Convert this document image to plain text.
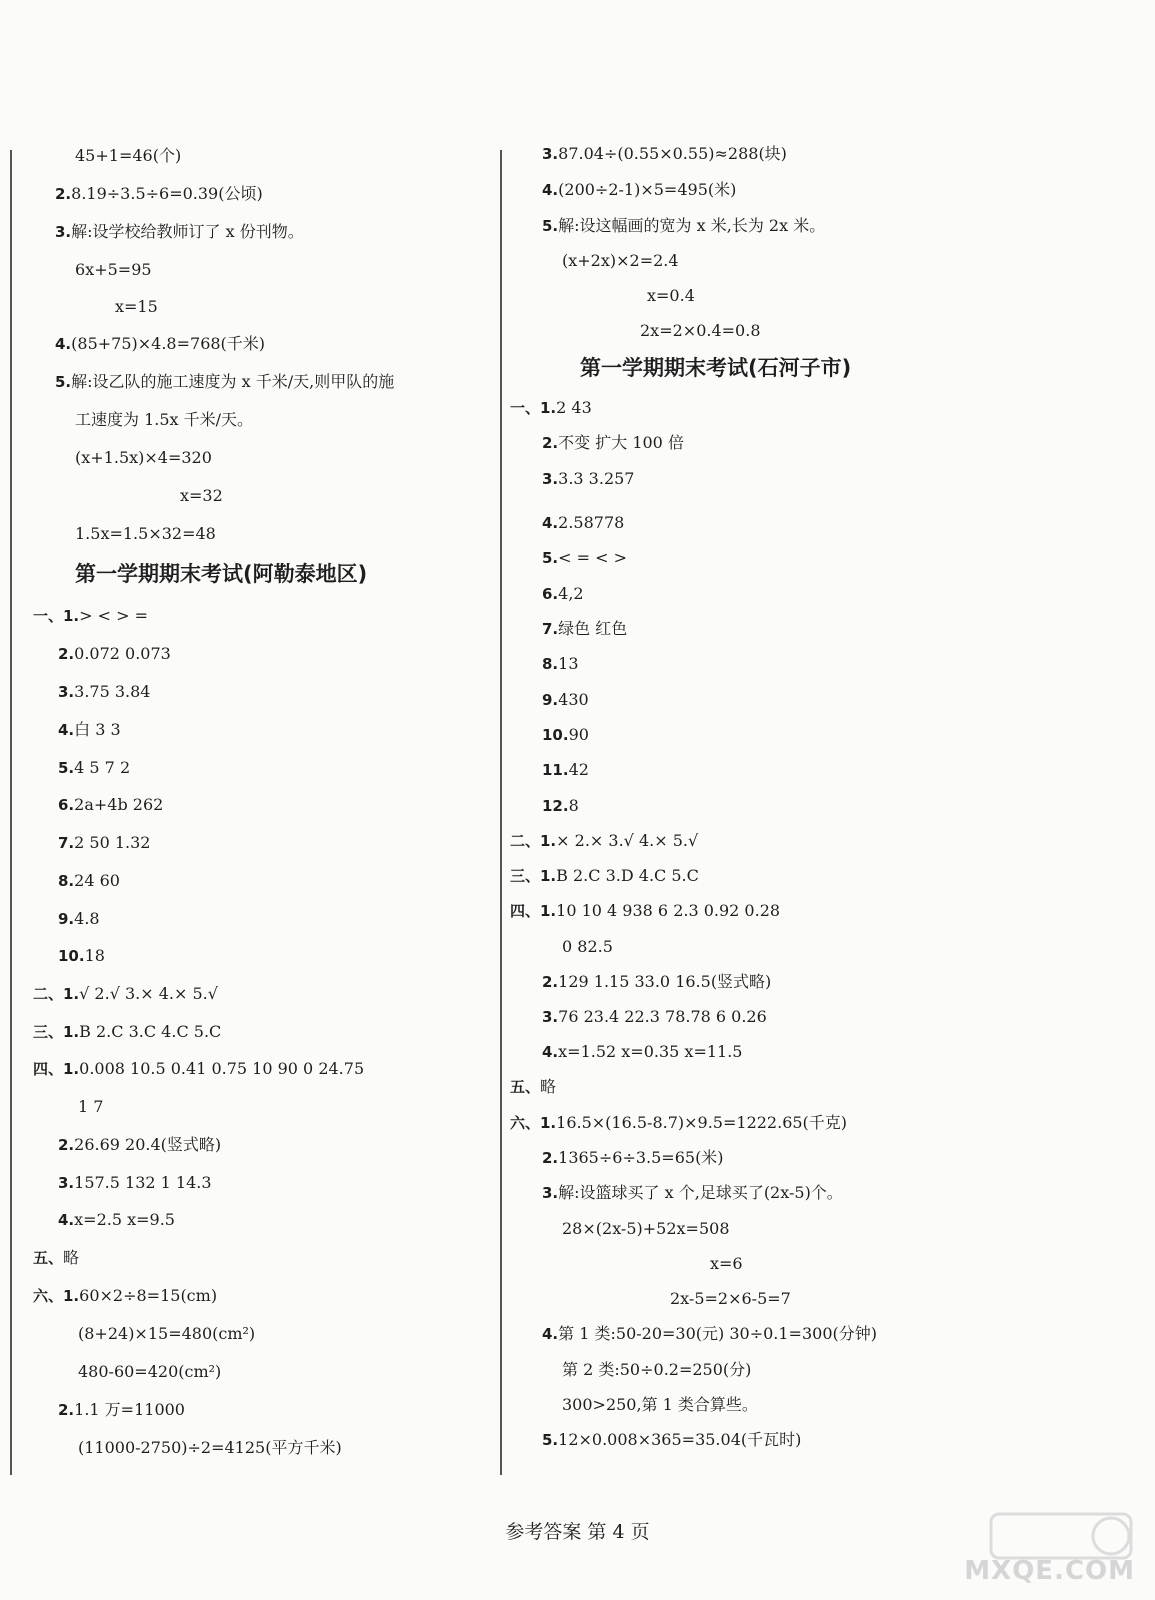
45+1=46(个)
2.8.19÷3.5÷6=0.39(公顷)
3.解:设学校给教师订了 x 份刊物。
6x+5=95
x=15
4.(85+75)×4.8=768(千米)
5.解:设乙队的施工速度为 x 千米/天,则甲队的施
工速度为 1.5x 千米/天。
(x+1.5x)×4=320
x=32
1.5x=1.5×32=48
第一学期期末考试(阿勒泰地区)
一、1.> < > =
2.0.072 0.073
3.3.75 3.84
4.白 3 3
5.4 5 7 2
6.2a+4b 262
7.2 50 1.32
8.24 60
9.4.8
10.18
二、1.√ 2.√ 3.× 4.× 5.√
三、1.B 2.C 3.C 4.C 5.C
四、1.0.008 10.5 0.41 0.75 10 90 0 24.75
1 7
2.26.69 20.4(竖式略)
3.157.5 132 1 14.3
4.x=2.5 x=9.5
五、略
六、1.60×2÷8=15(cm)
(8+24)×15=480(cm²)
480-60=420(cm²)
2.1.1 万=11000
(11000-2750)÷2=4125(平方千米)
3.87.04÷(0.55×0.55)≈288(块)
4.(200÷2-1)×5=495(米)
5.解:设这幅画的宽为 x 米,长为 2x 米。
(x+2x)×2=2.4
x=0.4
2x=2×0.4=0.8
第一学期期末考试(石河子市)
一、1.2 43
2.不变 扩大 100 倍
3.3.3 3.257
4.2.58778
5.< = < >
6.4,2
7.绿色 红色
8.13
9.430
10.90
11.42
12.8
二、1.× 2.× 3.√ 4.× 5.√
三、1.B 2.C 3.D 4.C 5.C
四、1.10 10 4 938 6 2.3 0.92 0.28
0 82.5
2.129 1.15 33.0 16.5(竖式略)
3.76 23.4 22.3 78.78 6 0.26
4.x=1.52 x=0.35 x=11.5
五、略
六、1.16.5×(16.5-8.7)×9.5=1222.65(千克)
2.1365÷6÷3.5=65(米)
3.解:设篮球买了 x 个,足球买了(2x-5)个。
28×(2x-5)+52x=508
x=6
2x-5=2×6-5=7
4.第 1 类:50-20=30(元) 30÷0.1=300(分钟)
第 2 类:50÷0.2=250(分)
300>250,第 1 类合算些。
5.12×0.008×365=35.04(千瓦时)
参考答案 第 4 页
MXQE.COM
